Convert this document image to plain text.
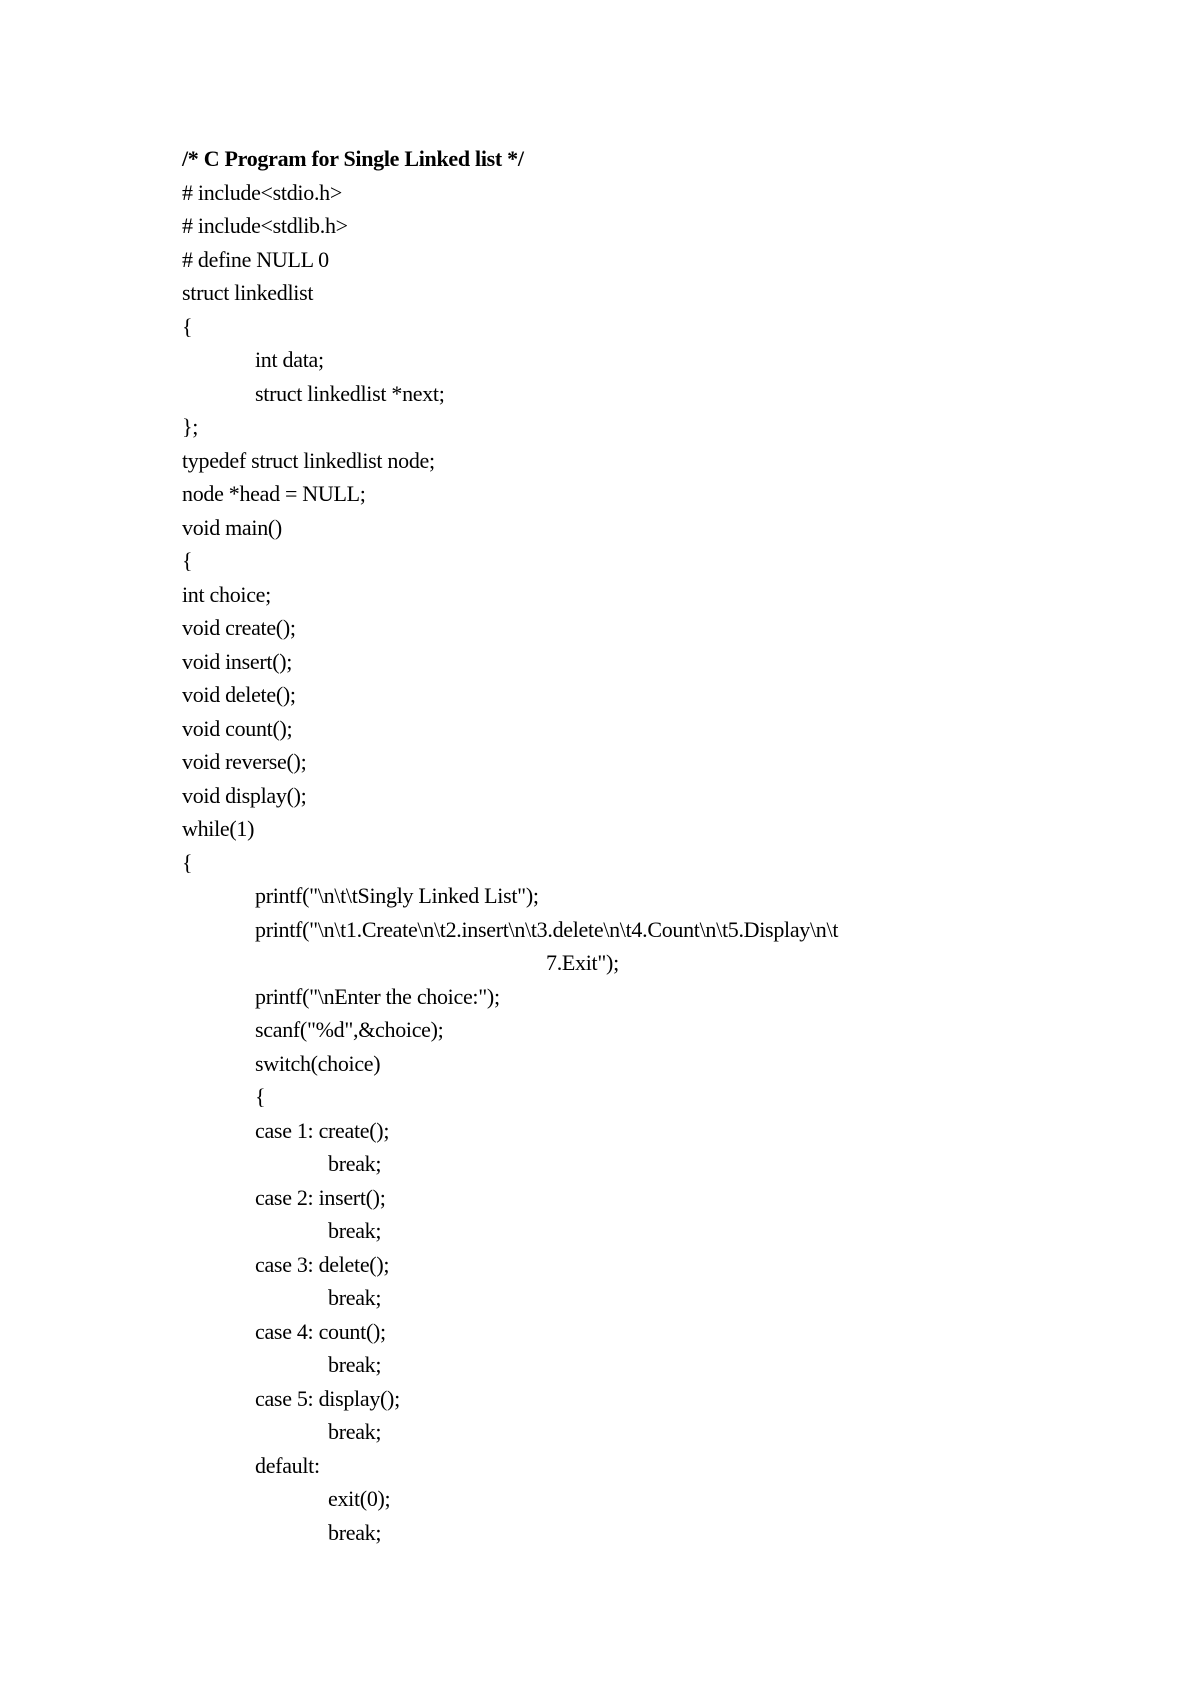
/* C Program for Single Linked list */
# include<stdio.h>
# include<stdlib.h>
# define NULL 0
struct linkedlist
{
int data;
struct linkedlist *next;
};
typedef struct linkedlist node;
node *head = NULL;
void main()
{
int choice;
void create();
void insert();
void delete();
void count();
void reverse();
void display();
while(1)
{
printf("\n\t\tSingly Linked List");
printf("\n\t1.Create\n\t2.insert\n\t3.delete\n\t4.Count\n\t5.Display\n\t
7.Exit");
printf("\nEnter the choice:");
scanf("%d",&choice);
switch(choice)
{
case 1: create();
break;
case 2: insert();
break;
case 3: delete();
break;
case 4: count();
break;
case 5: display();
break;
default:
exit(0);
break;
